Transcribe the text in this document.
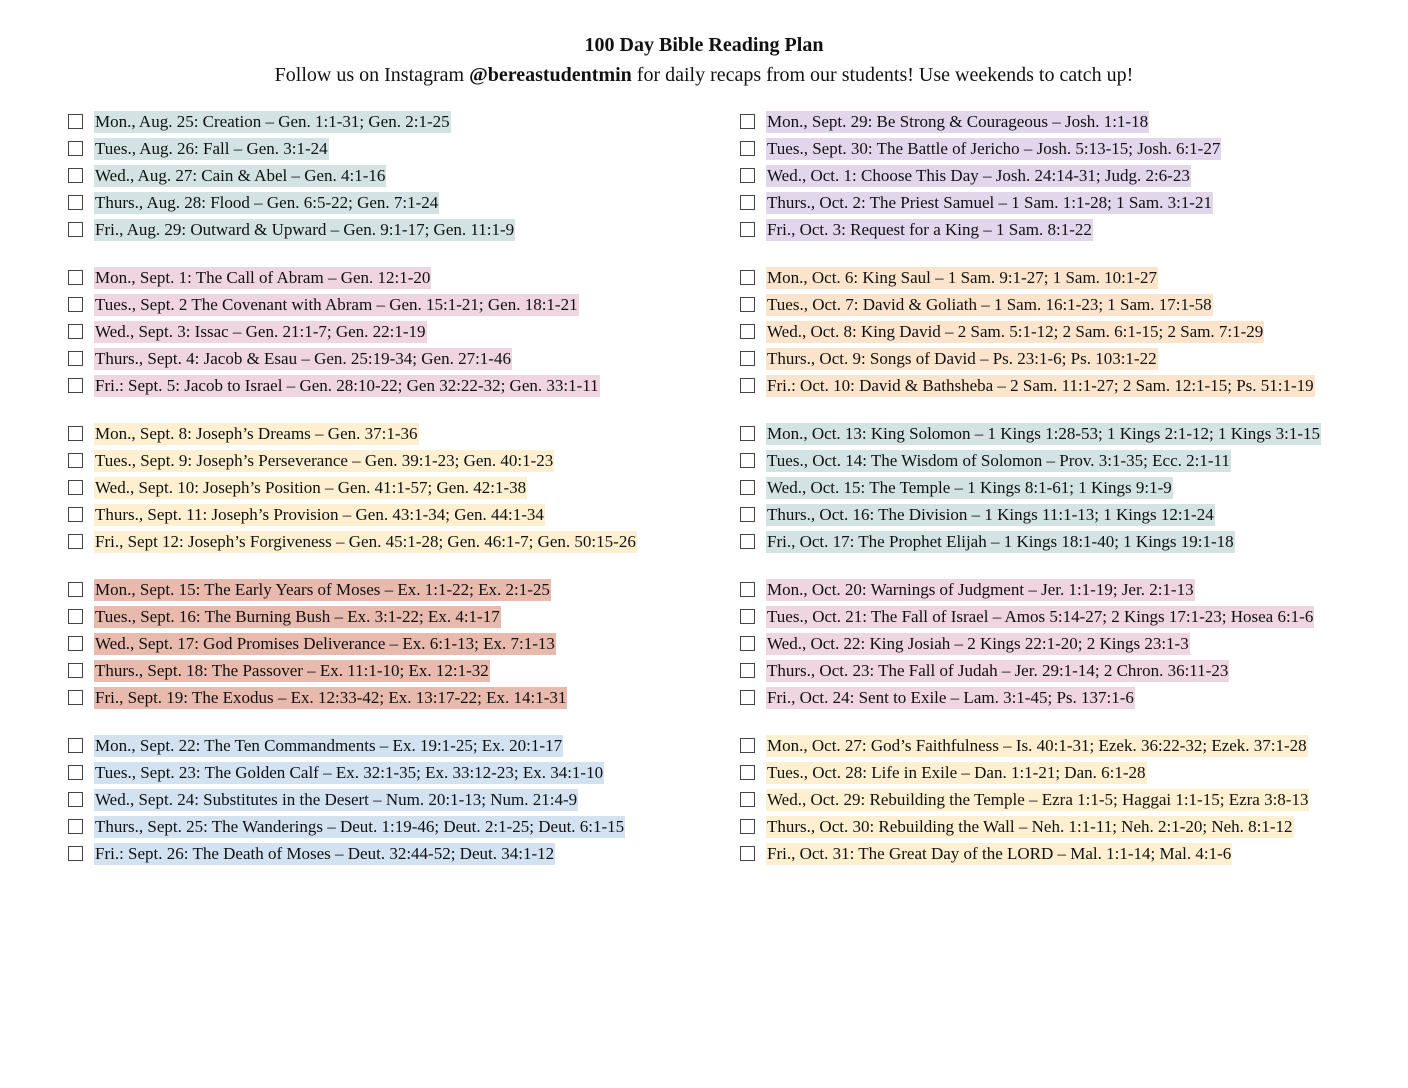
100 Day Bible Reading Plan
Follow us on Instagram @bereastudentmin for daily recaps from our students! Use weekends to catch up!
Mon., Aug. 25: Creation – Gen. 1:1-31; Gen. 2:1-25
Tues., Aug. 26: Fall – Gen. 3:1-24
Wed., Aug. 27: Cain & Abel – Gen. 4:1-16
Thurs., Aug. 28: Flood – Gen. 6:5-22; Gen. 7:1-24
Fri., Aug. 29: Outward & Upward – Gen. 9:1-17; Gen. 11:1-9
Mon., Sept. 1: The Call of Abram – Gen. 12:1-20
Tues., Sept. 2 The Covenant with Abram – Gen. 15:1-21; Gen. 18:1-21
Wed., Sept. 3: Issac – Gen. 21:1-7; Gen. 22:1-19
Thurs., Sept. 4: Jacob & Esau – Gen. 25:19-34; Gen. 27:1-46
Fri.: Sept. 5: Jacob to Israel – Gen. 28:10-22; Gen 32:22-32; Gen. 33:1-11
Mon., Sept. 8: Joseph’s Dreams – Gen. 37:1-36
Tues., Sept. 9: Joseph’s Perseverance – Gen. 39:1-23; Gen. 40:1-23
Wed., Sept. 10: Joseph’s Position – Gen. 41:1-57; Gen. 42:1-38
Thurs., Sept. 11: Joseph’s Provision – Gen. 43:1-34; Gen. 44:1-34
Fri., Sept 12: Joseph’s Forgiveness – Gen. 45:1-28; Gen. 46:1-7; Gen. 50:15-26
Mon., Sept. 15: The Early Years of Moses – Ex. 1:1-22; Ex. 2:1-25
Tues., Sept. 16: The Burning Bush – Ex. 3:1-22; Ex. 4:1-17
Wed., Sept. 17: God Promises Deliverance – Ex. 6:1-13; Ex. 7:1-13
Thurs., Sept. 18: The Passover – Ex. 11:1-10; Ex. 12:1-32
Fri., Sept. 19: The Exodus – Ex. 12:33-42; Ex. 13:17-22; Ex. 14:1-31
Mon., Sept. 22: The Ten Commandments – Ex. 19:1-25; Ex. 20:1-17
Tues., Sept. 23: The Golden Calf – Ex. 32:1-35; Ex. 33:12-23; Ex. 34:1-10
Wed., Sept. 24: Substitutes in the Desert – Num. 20:1-13; Num. 21:4-9
Thurs., Sept. 25: The Wanderings – Deut. 1:19-46; Deut. 2:1-25; Deut. 6:1-15
Fri.: Sept. 26: The Death of Moses – Deut. 32:44-52; Deut. 34:1-12
Mon., Sept. 29: Be Strong & Courageous – Josh. 1:1-18
Tues., Sept. 30: The Battle of Jericho – Josh. 5:13-15; Josh. 6:1-27
Wed., Oct. 1: Choose This Day – Josh. 24:14-31; Judg. 2:6-23
Thurs., Oct. 2: The Priest Samuel – 1 Sam. 1:1-28; 1 Sam. 3:1-21
Fri., Oct. 3: Request for a King – 1 Sam. 8:1-22
Mon., Oct. 6: King Saul – 1 Sam. 9:1-27; 1 Sam. 10:1-27
Tues., Oct. 7: David & Goliath – 1 Sam. 16:1-23; 1 Sam. 17:1-58
Wed., Oct. 8: King David – 2 Sam. 5:1-12; 2 Sam. 6:1-15; 2 Sam. 7:1-29
Thurs., Oct. 9: Songs of David – Ps. 23:1-6; Ps. 103:1-22
Fri.: Oct. 10: David & Bathsheba – 2 Sam. 11:1-27; 2 Sam. 12:1-15; Ps. 51:1-19
Mon., Oct. 13: King Solomon – 1 Kings 1:28-53; 1 Kings 2:1-12; 1 Kings 3:1-15
Tues., Oct. 14: The Wisdom of Solomon – Prov. 3:1-35; Ecc. 2:1-11
Wed., Oct. 15: The Temple – 1 Kings 8:1-61; 1 Kings 9:1-9
Thurs., Oct. 16: The Division – 1 Kings 11:1-13; 1 Kings 12:1-24
Fri., Oct. 17: The Prophet Elijah – 1 Kings 18:1-40; 1 Kings 19:1-18
Mon., Oct. 20: Warnings of Judgment – Jer. 1:1-19; Jer. 2:1-13
Tues., Oct. 21: The Fall of Israel – Amos 5:14-27; 2 Kings 17:1-23; Hosea 6:1-6
Wed., Oct. 22: King Josiah – 2 Kings 22:1-20; 2 Kings 23:1-3
Thurs., Oct. 23: The Fall of Judah – Jer. 29:1-14; 2 Chron. 36:11-23
Fri., Oct. 24: Sent to Exile – Lam. 3:1-45; Ps. 137:1-6
Mon., Oct. 27: God’s Faithfulness – Is. 40:1-31; Ezek. 36:22-32; Ezek. 37:1-28
Tues., Oct. 28: Life in Exile – Dan. 1:1-21; Dan. 6:1-28
Wed., Oct. 29: Rebuilding the Temple – Ezra 1:1-5; Haggai 1:1-15; Ezra 3:8-13
Thurs., Oct. 30: Rebuilding the Wall – Neh. 1:1-11; Neh. 2:1-20; Neh. 8:1-12
Fri., Oct. 31: The Great Day of the LORD – Mal. 1:1-14; Mal. 4:1-6
